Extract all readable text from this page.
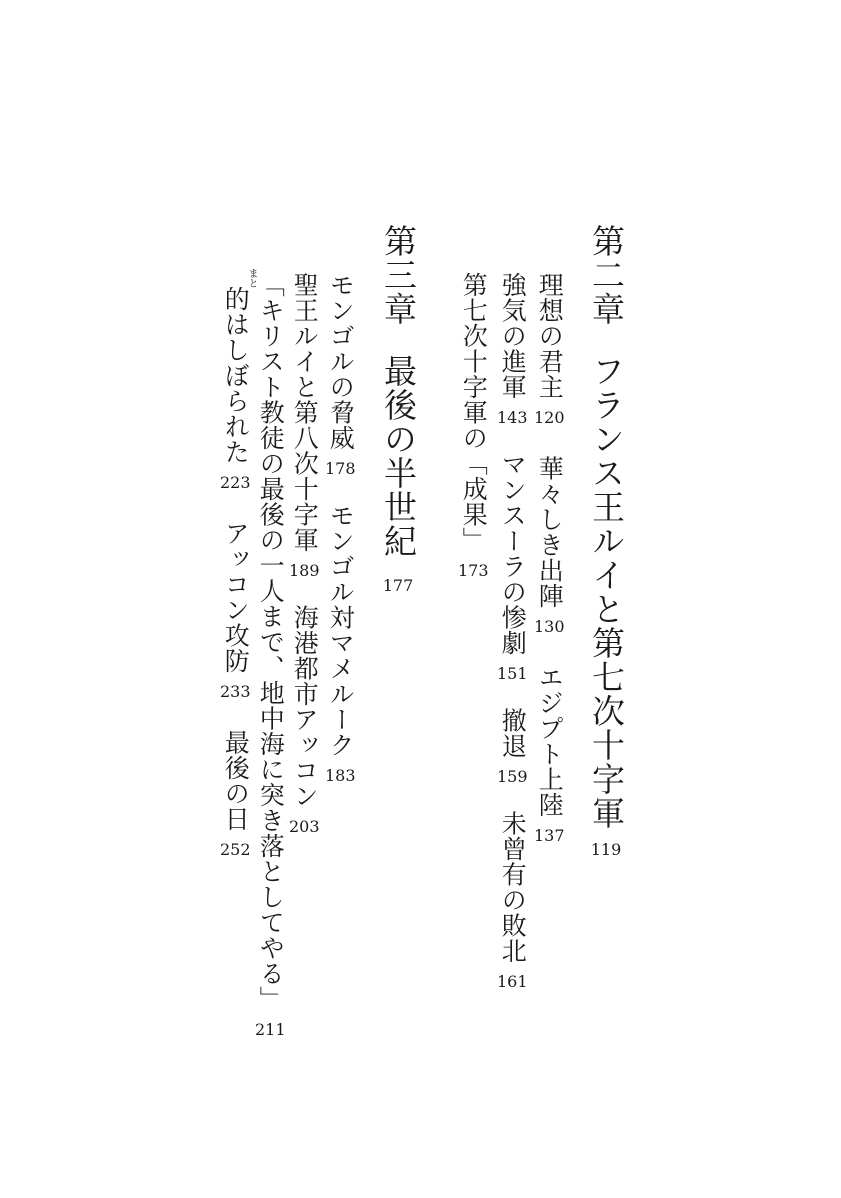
第二章フランス王ルイと第七次十字軍119
理想の君主120華々しき出陣130エジプト上陸137
強気の進軍143マンスーラの惨劇151撤退159未曾有の敗北161
第七次十字軍の「成果」173
第三章最後の半世紀177
モンゴルの脅威178モンゴル対マメルーク183
聖王ルイと第八次十字軍189海港都市アッコン203
「キリスト教徒の最後の一人まで、地中海に突き落としてやる」211
まと
的はしぼられた223アッコン攻防233最後の日252
